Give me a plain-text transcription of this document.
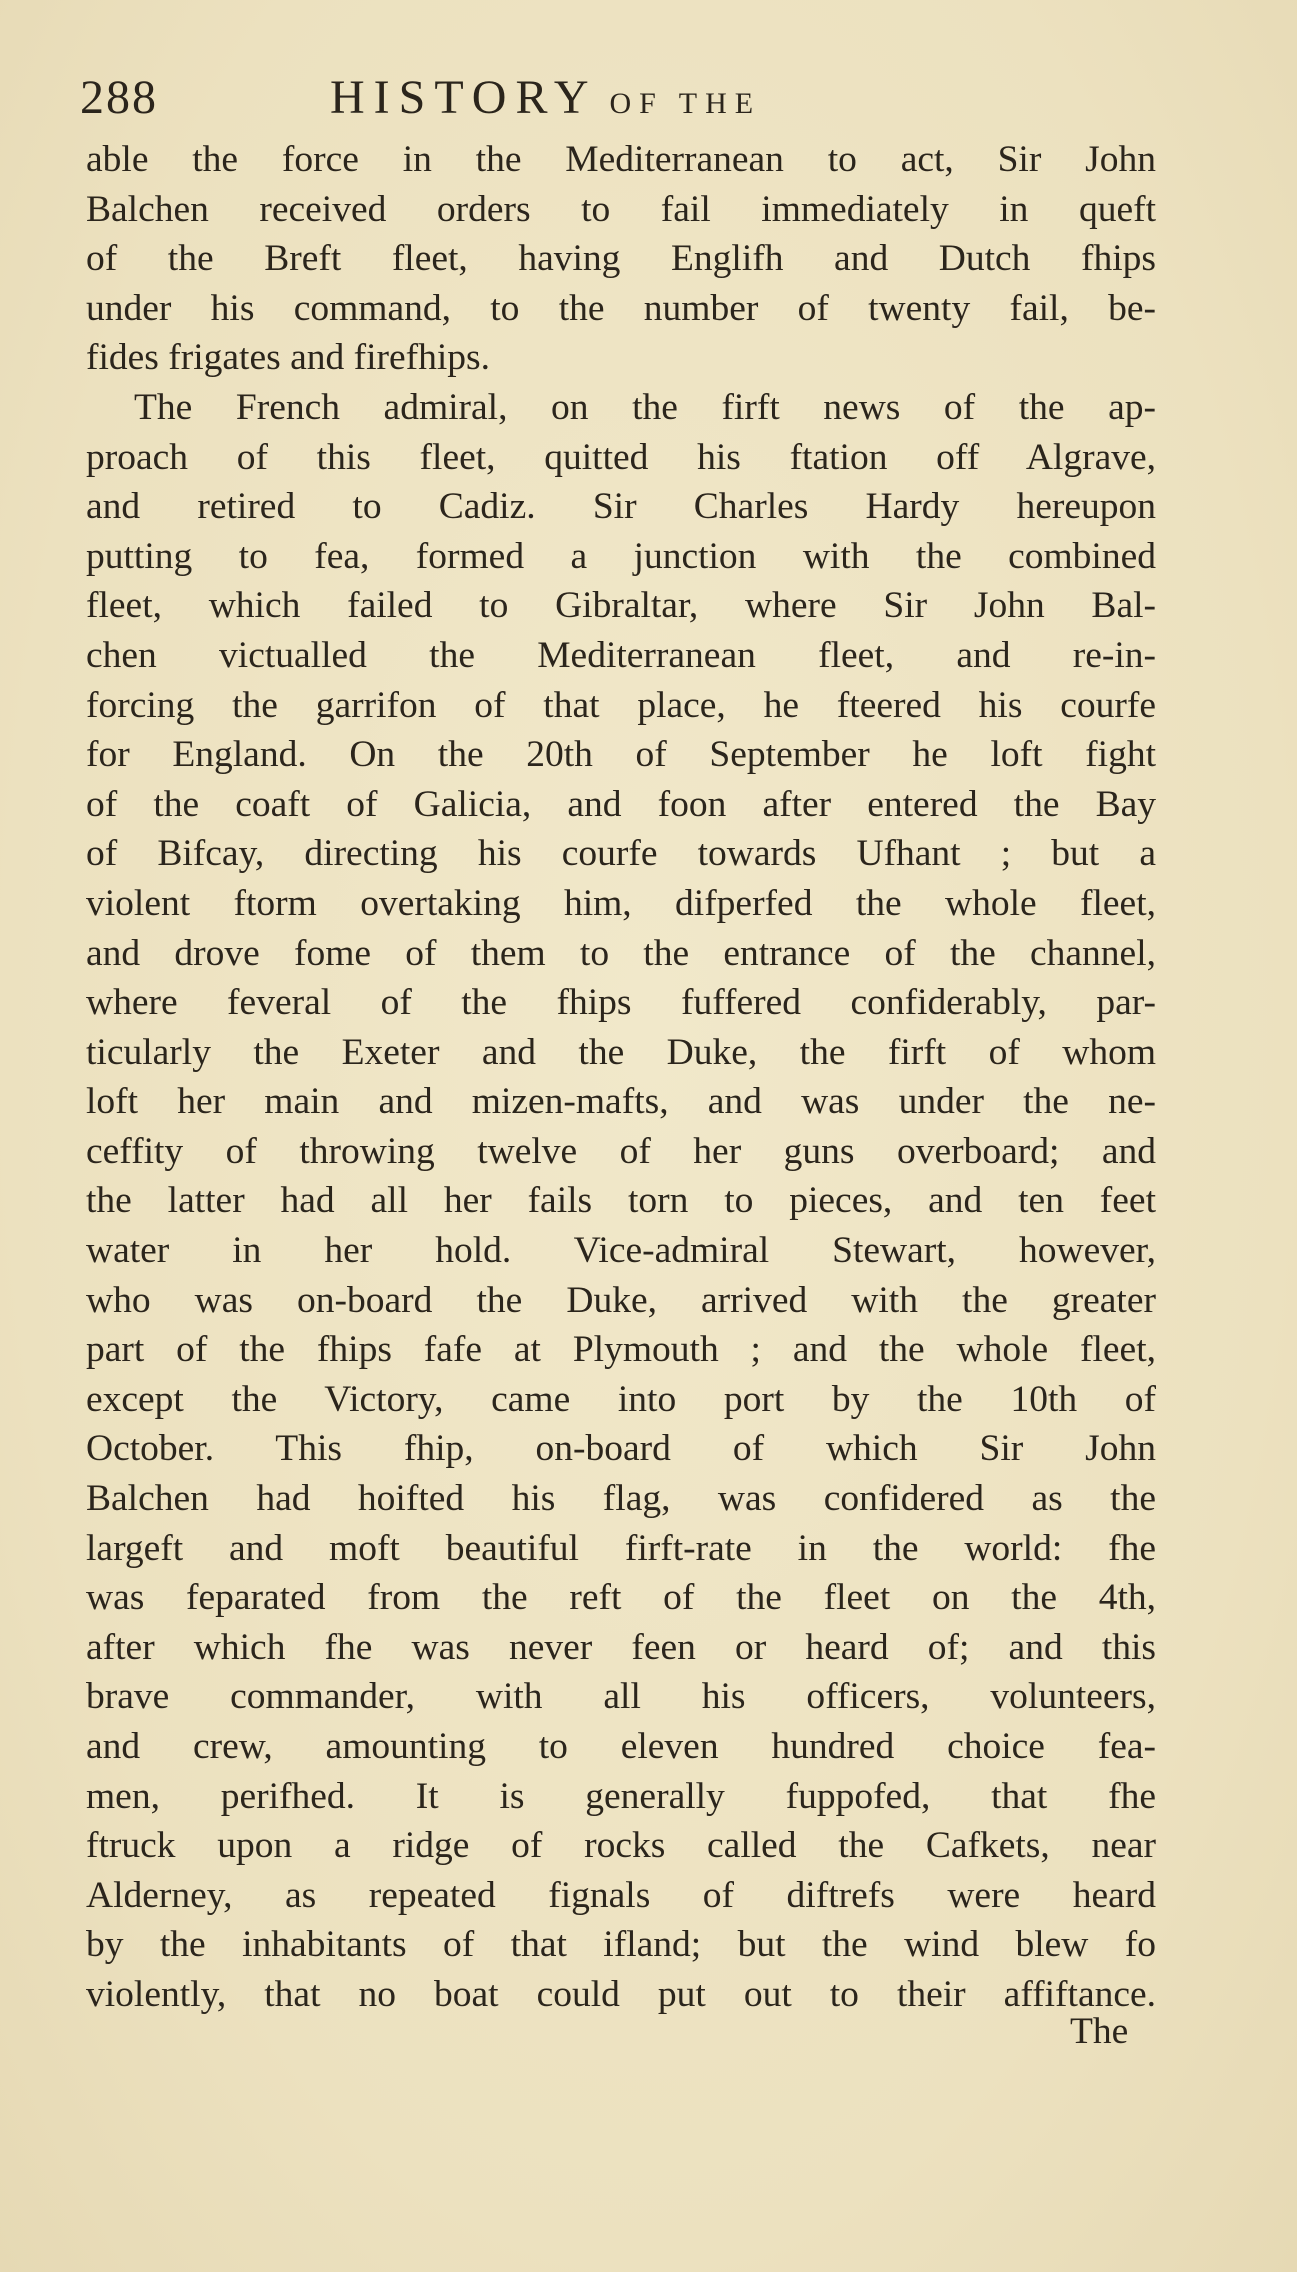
288	HISTORY OF THE
able the force in the Mediterranean to act, Sir John
Balchen received orders to fail immediately in queft
of the Breft fleet, having Englifh and Dutch fhips
under his command, to the number of twenty fail, be-
fides frigates and firefhips.
The French admiral, on the firft news of the ap-
proach of this fleet, quitted his ftation off Algrave,
and retired to Cadiz. Sir Charles Hardy hereupon
putting to fea, formed a junction with the combined
fleet, which failed to Gibraltar, where Sir John Bal-
chen victualled the Mediterranean fleet, and re-in-
forcing the garrifon of that place, he fteered his courfe
for England. On the 20th of September he loft fight
of the coaft of Galicia, and foon after entered the Bay
of Bifcay, directing his courfe towards Ufhant ; but a
violent ftorm overtaking him, difperfed the whole fleet,
and drove fome of them to the entrance of the channel,
where feveral of the fhips fuffered confiderably, par-
ticularly the Exeter and the Duke, the firft of whom
loft her main and mizen-mafts, and was under the ne-
ceffity of throwing twelve of her guns overboard; and
the latter had all her fails torn to pieces, and ten feet
water in her hold. Vice-admiral Stewart, however,
who was on-board the Duke, arrived with the greater
part of the fhips fafe at Plymouth ; and the whole fleet,
except the Victory, came into port by the 10th of
October. This fhip, on-board of which Sir John
Balchen had hoifted his flag, was confidered as the
largeft and moft beautiful firft-rate in the world: fhe
was feparated from the reft of the fleet on the 4th,
after which fhe was never feen or heard of; and this
brave commander, with all his officers, volunteers,
and crew, amounting to eleven hundred choice fea-
men, perifhed. It is generally fuppofed, that fhe
ftruck upon a ridge of rocks called the Cafkets, near
Alderney, as repeated fignals of diftrefs were heard
by the inhabitants of that ifland; but the wind blew fo
violently, that no boat could put out to their affiftance.
The
